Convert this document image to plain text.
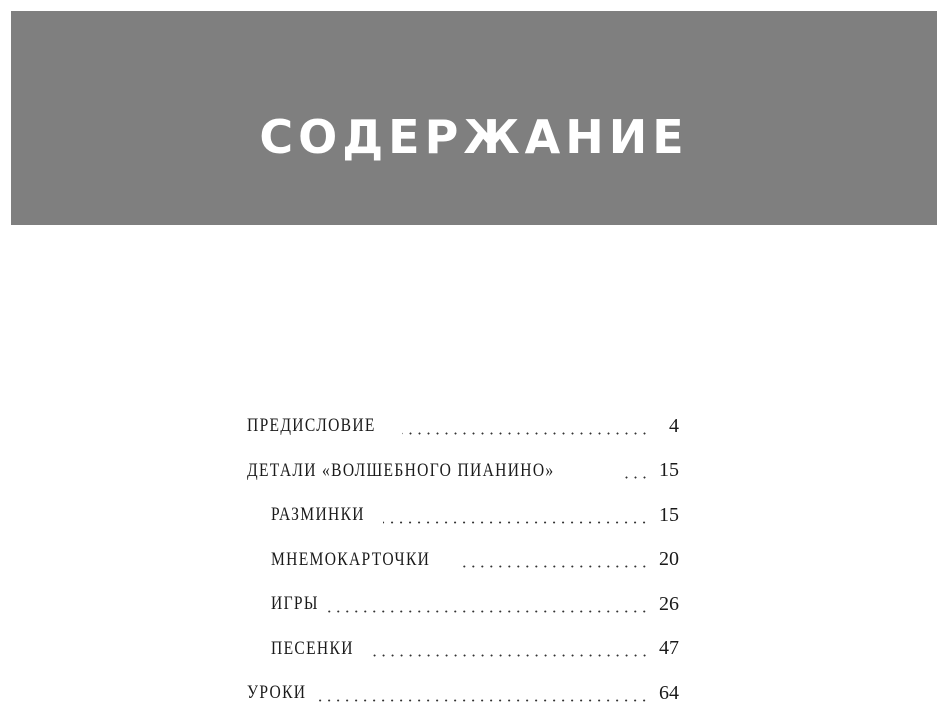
СОДЕРЖАНИЕ
ПРЕДИСЛОВИЕ	4
ДЕТАЛИ «ВОЛШЕБНОГО ПИАНИНО»	15
РАЗМИНКИ	15
МНЕМОКАРТОЧКИ	20
ИГРЫ	26
ПЕСЕНКИ	47
УРОКИ	64
